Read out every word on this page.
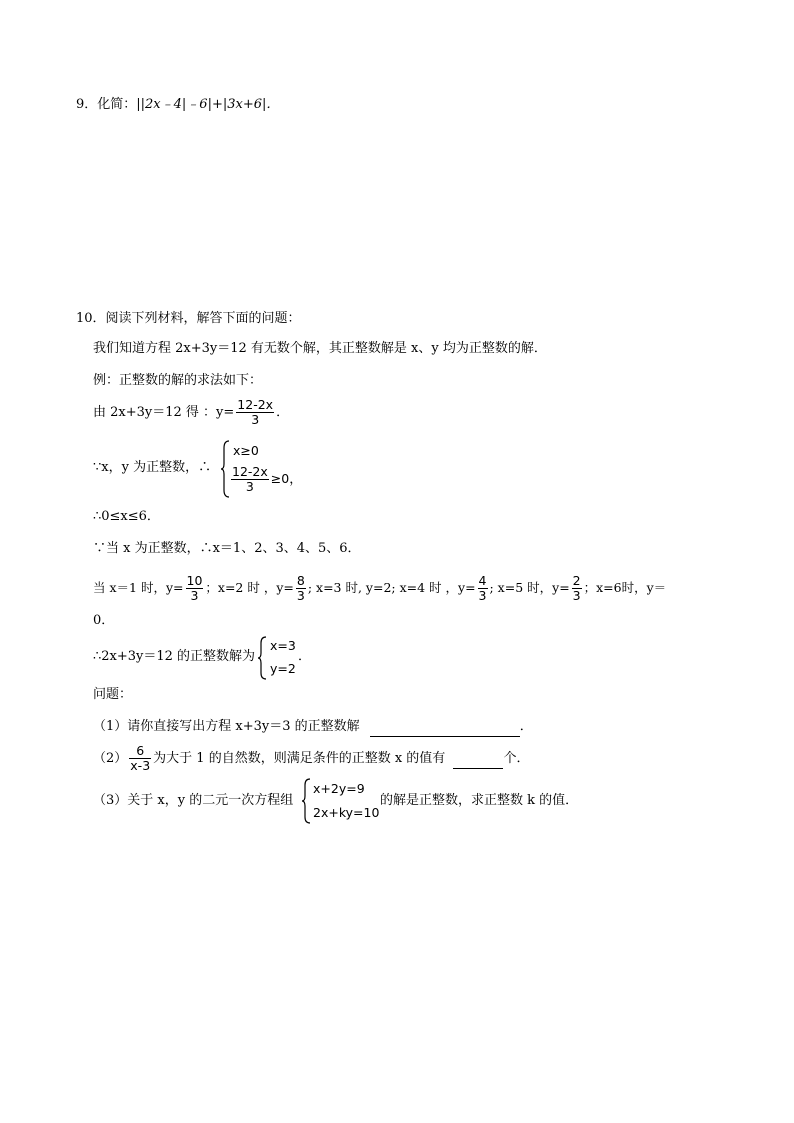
9．化简：||2x﹣4|﹣6|+|3x+6|．
10．阅读下列材料，解答下面的问题：
我们知道方程 2x+3y＝12 有无数个解，其正整数解是 x、y 均为正整数的解．
例：正整数的解的求法如下：
由 2x+3y＝12 得 ：$y= \frac{12-2x}{3}$ ．
∵x，y 为正整数，∴
x≥0
$\frac{12-2x}{3} \ge 0$，
∴0≤x≤6．
∵当 x 为正整数，∴x＝1、2、3、4、5、6．
当 x＝1 时，$y= \frac{10}{3}$ ；x=2 时 ，$y= \frac{8}{3}$ ; x=3 时, y=2; x=4 时 ，$y= \frac{4}{3}$ ; x=5 时，$y= \frac{2}{3}$ ；x=6时，y＝
0．
∴2x+3y＝12 的正整数解为
x=3
y=2
．
问题：
（1）请你直接写出方程 x+3y＝3 的正整数解	．
$(2) \frac{6}{x-3}$ 为大于 1 的自然数，则满足条件的正整数 x 的值有	个．
（3）关于 x，y 的二元一次方程组
x+2y=9
2x+ky=10
的解是正整数，求正整数 k 的值．
